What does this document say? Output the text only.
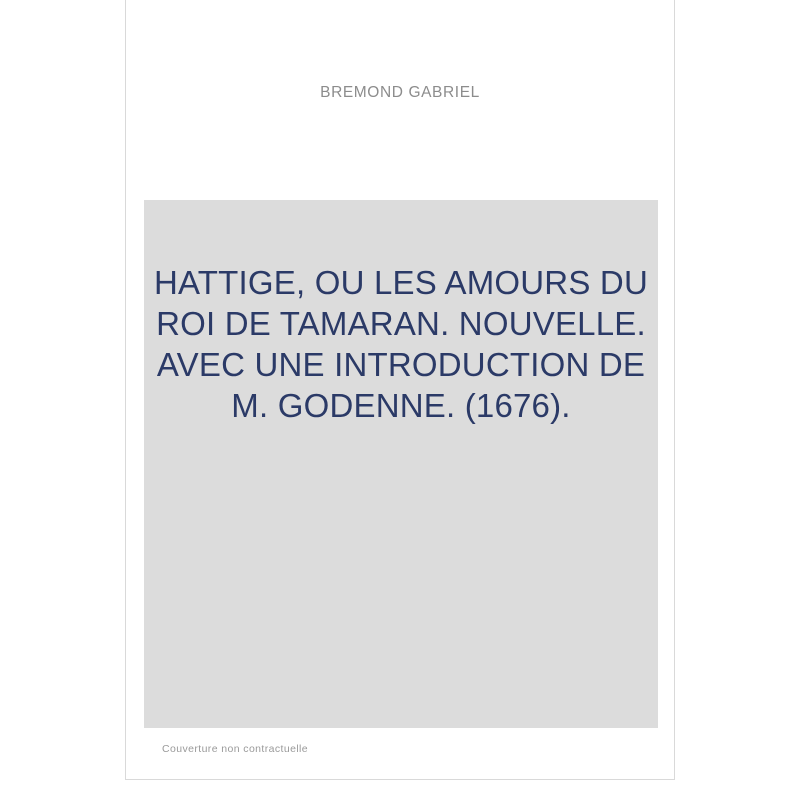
BREMOND GABRIEL
HATTIGE, OU LES AMOURS DU ROI DE TAMARAN. NOUVELLE. AVEC UNE INTRODUCTION DE M. GODENNE. (1676).
Couverture non contractuelle
